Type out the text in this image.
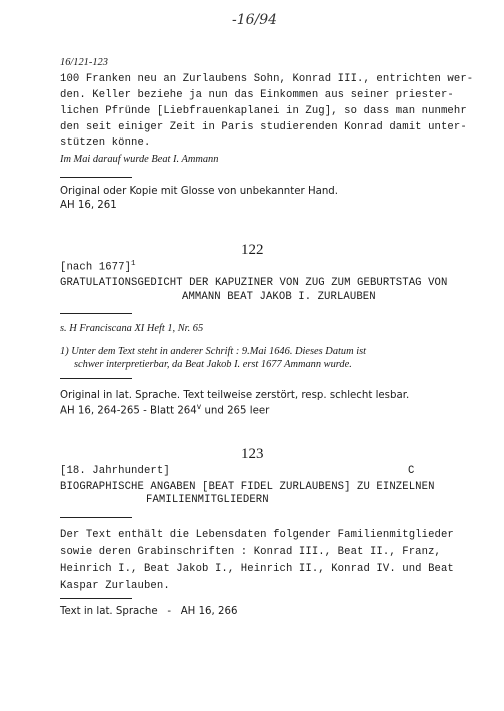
-16/94
16/121-123
100 Franken neu an Zurlaubens Sohn, Konrad III., entrichten wer-
den. Keller beziehe ja nun das Einkommen aus seiner priester-
lichen Pfründe [Liebfrauenkaplanei in Zug], so dass man nunmehr
den seit einiger Zeit in Paris studierenden Konrad damit unter-
stützen könne.
Im Mai darauf wurde Beat I. Ammann
Original oder Kopie mit Glosse von unbekannter Hand.
AH 16, 261
122
[nach 1677]$^1$
GRATULATIONSGEDICHT DER KAPUZINER VON ZUG ZUM GEBURTSTAG VON
AMMANN BEAT JAKOB I. ZURLAUBEN
s. H Franciscana XI Heft 1, Nr. 65
1) Unter dem Text steht in anderer Schrift : 9.Mai 1646. Dieses Datum ist
schwer interpretierbar, da Beat Jakob I. erst 1677 Ammann wurde.
Original in lat. Sprache. Text teilweise zerstört, resp. schlecht lesbar.
AH 16, 264-265 - Blatt 264$^v$ und 265 leer
123
[18. Jahrhundert]	C
BIOGRAPHISCHE ANGABEN [BEAT FIDEL ZURLAUBENS] ZU EINZELNEN
FAMILIENMITGLIEDERN
Der Text enthält die Lebensdaten folgender Familienmitglieder
sowie deren Grabinschriften : Konrad III., Beat II., Franz,
Heinrich I., Beat Jakob I., Heinrich II., Konrad IV. und Beat
Kaspar Zurlauben.
Text in lat. Sprache   -   AH 16, 266
